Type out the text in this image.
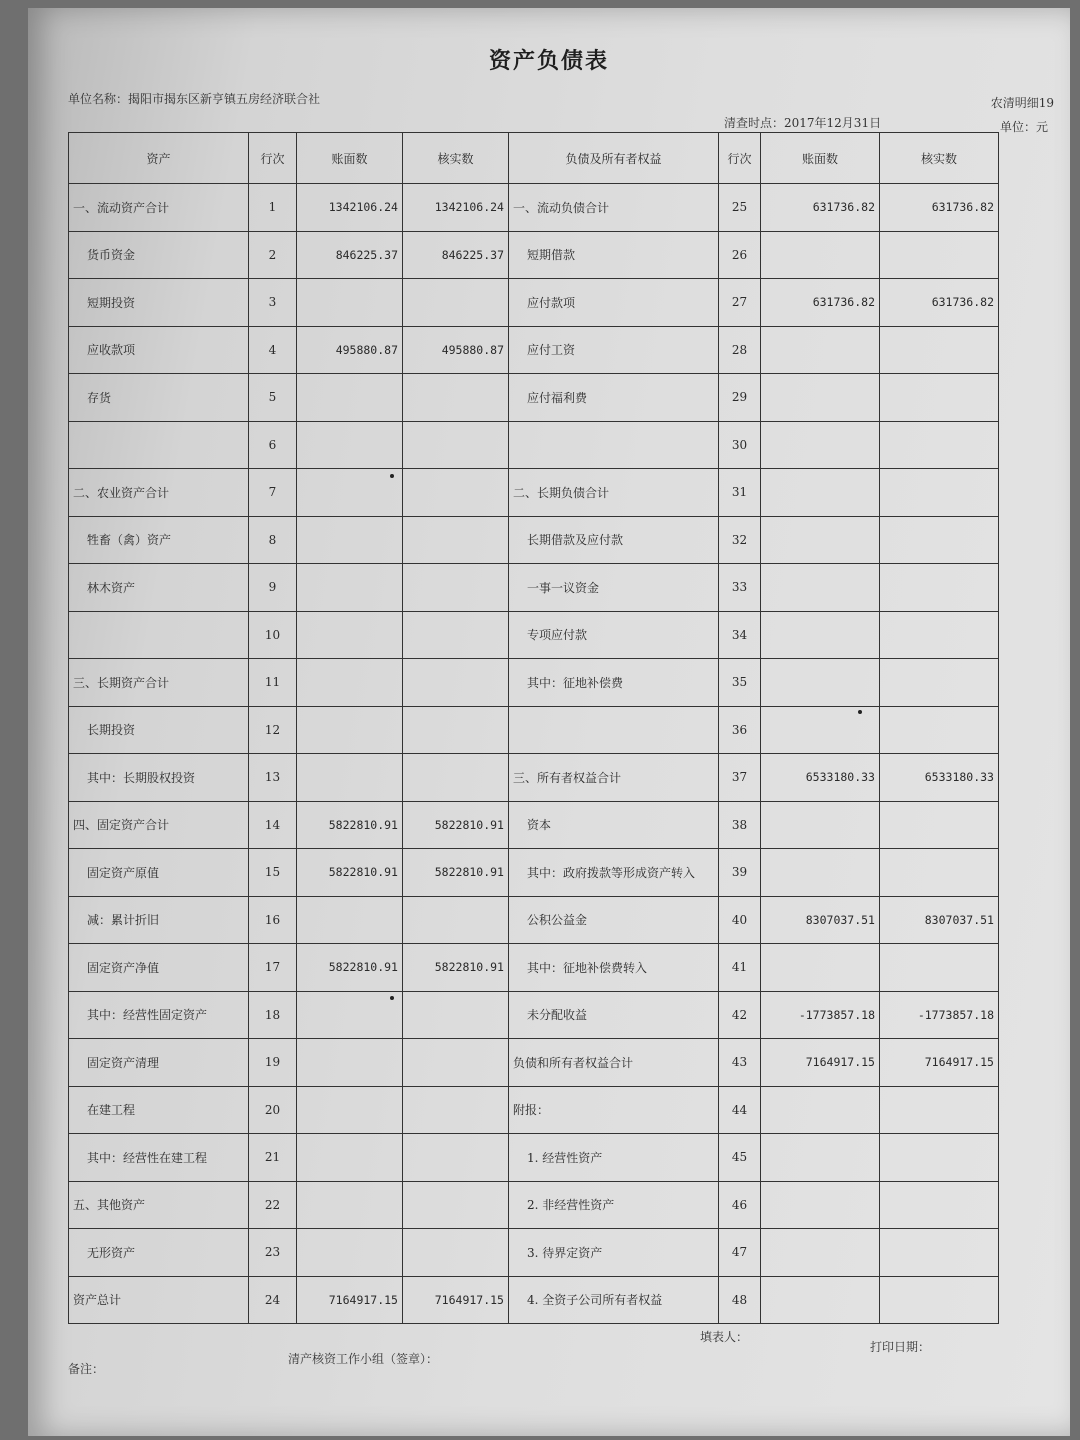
资产负债表
单位名称：揭阳市揭东区新亨镇五房经济联合社	农清明细19
清查时点：2017年12月31日	单位：元
资产	行次	账面数	核实数	负债及所有者权益	行次	账面数	核实数
一、流动资产合计	1	1342106.24	1342106.24	一、流动负债合计	25	631736.82	631736.82
货币资金	2	846225.37	846225.37	短期借款	26		
短期投资	3			应付款项	27	631736.82	631736.82
应收款项	4	495880.87	495880.87	应付工资	28		
存货	5			应付福利费	29		
	6				30		
二、农业资产合计	7			二、长期负债合计	31		
牲畜（禽）资产	8			长期借款及应付款	32		
林木资产	9			一事一议资金	33		
	10			专项应付款	34		
三、长期资产合计	11			其中：征地补偿费	35		
长期投资	12				36		
其中：长期股权投资	13			三、所有者权益合计	37	6533180.33	6533180.33
四、固定资产合计	14	5822810.91	5822810.91	资本	38		
固定资产原值	15	5822810.91	5822810.91	其中：政府拨款等形成资产转入	39		
减：累计折旧	16			公积公益金	40	8307037.51	8307037.51
固定资产净值	17	5822810.91	5822810.91	其中：征地补偿费转入	41		
其中：经营性固定资产	18			未分配收益	42	-1773857.18	-1773857.18
固定资产清理	19			负债和所有者权益合计	43	7164917.15	7164917.15
在建工程	20			附报：	44		
其中：经营性在建工程	21			1. 经营性资产	45		
五、其他资产	22			2. 非经营性资产	46		
无形资产	23			3. 待界定资产	47		
资产总计	24	7164917.15	7164917.15	4. 全资子公司所有者权益	48		
备注：
清产核资工作小组（签章）：
填表人：
打印日期：
